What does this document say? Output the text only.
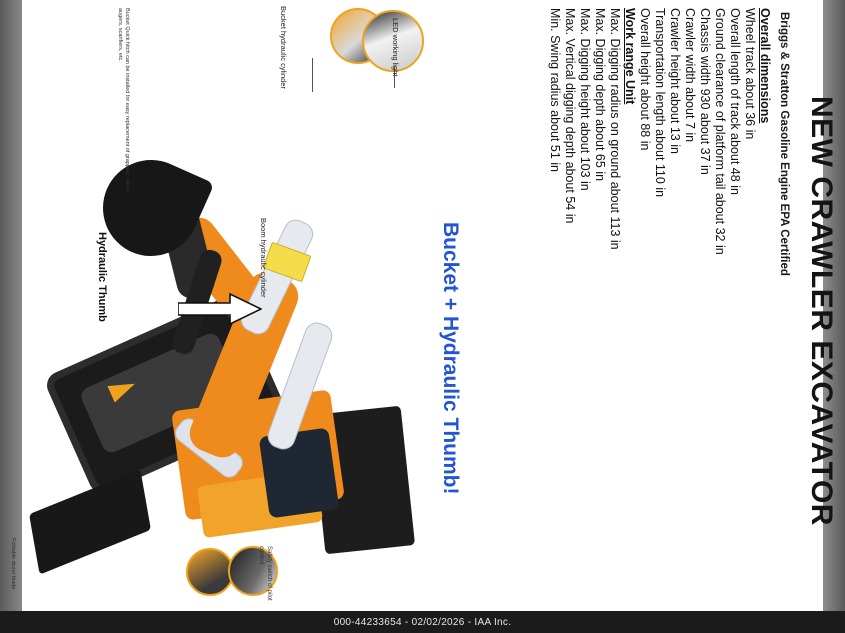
NEW CRAWLER EXCAVATOR
Briggs & Stratton Gasoline Engine EPA Certified
Overall dimensions
Wheel track about 36 in
Overall length of track about 48 in
Ground clearance of platform tail about 32 in
Chassis width 930 about 37 in
Crawler width about 7 in
Crawler height about 13 in
Transportation length about 110 in
Overall height about 88 in
Work range Unit
Max. Digging radius on ground about 113 in
Max. Digging depth about 65 in
Max. Digging height about 103 in
Max. Vertical digging depth about 54 in
Min. Swing radius about 51 in
Bucket + Hydraulic Thumb!
LED working light
Bucket hydraulic cylinder
Boom hydraulic cylinder
Hydraulic Thumb
Bucket Quick hitch can be installed for easy replacement of grapples, rakes, augers, scarifiers, etc.
Foldable dozer blade	Safety switch of pilot control
000-44233654 - 02/02/2026 - IAA Inc.
